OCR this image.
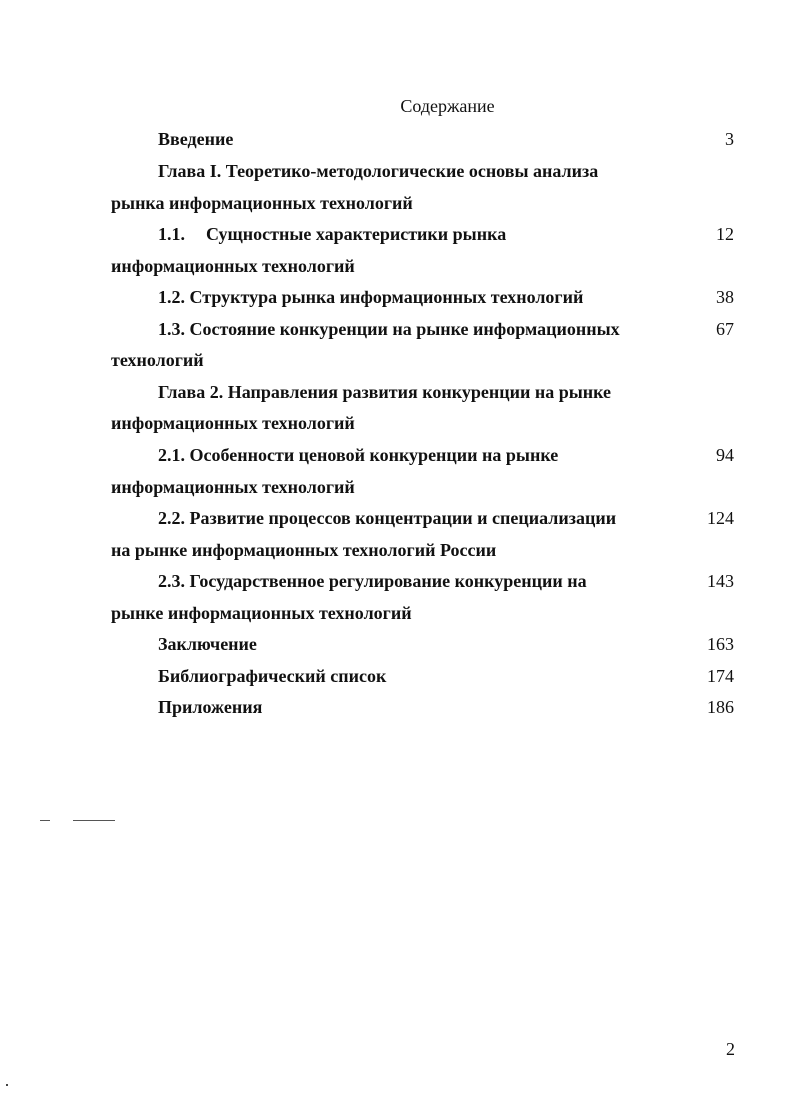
Содержание
Введение	3
Глава I. Теоретико-методологические основы анализа
рынка информационных технологий
1.1. Сущностные характеристики рынка	12
информационных технологий
1.2. Структура рынка информационных технологий	38
1.3. Состояние конкуренции на рынке информационных	67
технологий
Глава 2. Направления развития конкуренции на рынке
информационных технологий
2.1. Особенности ценовой конкуренции на рынке	94
информационных технологий
2.2. Развитие процессов концентрации и специализации	124
на рынке информационных технологий России
2.3. Государственное регулирование конкуренции на	143
рынке информационных технологий
Заключение	163
Библиографический список	174
Приложения	186
2
